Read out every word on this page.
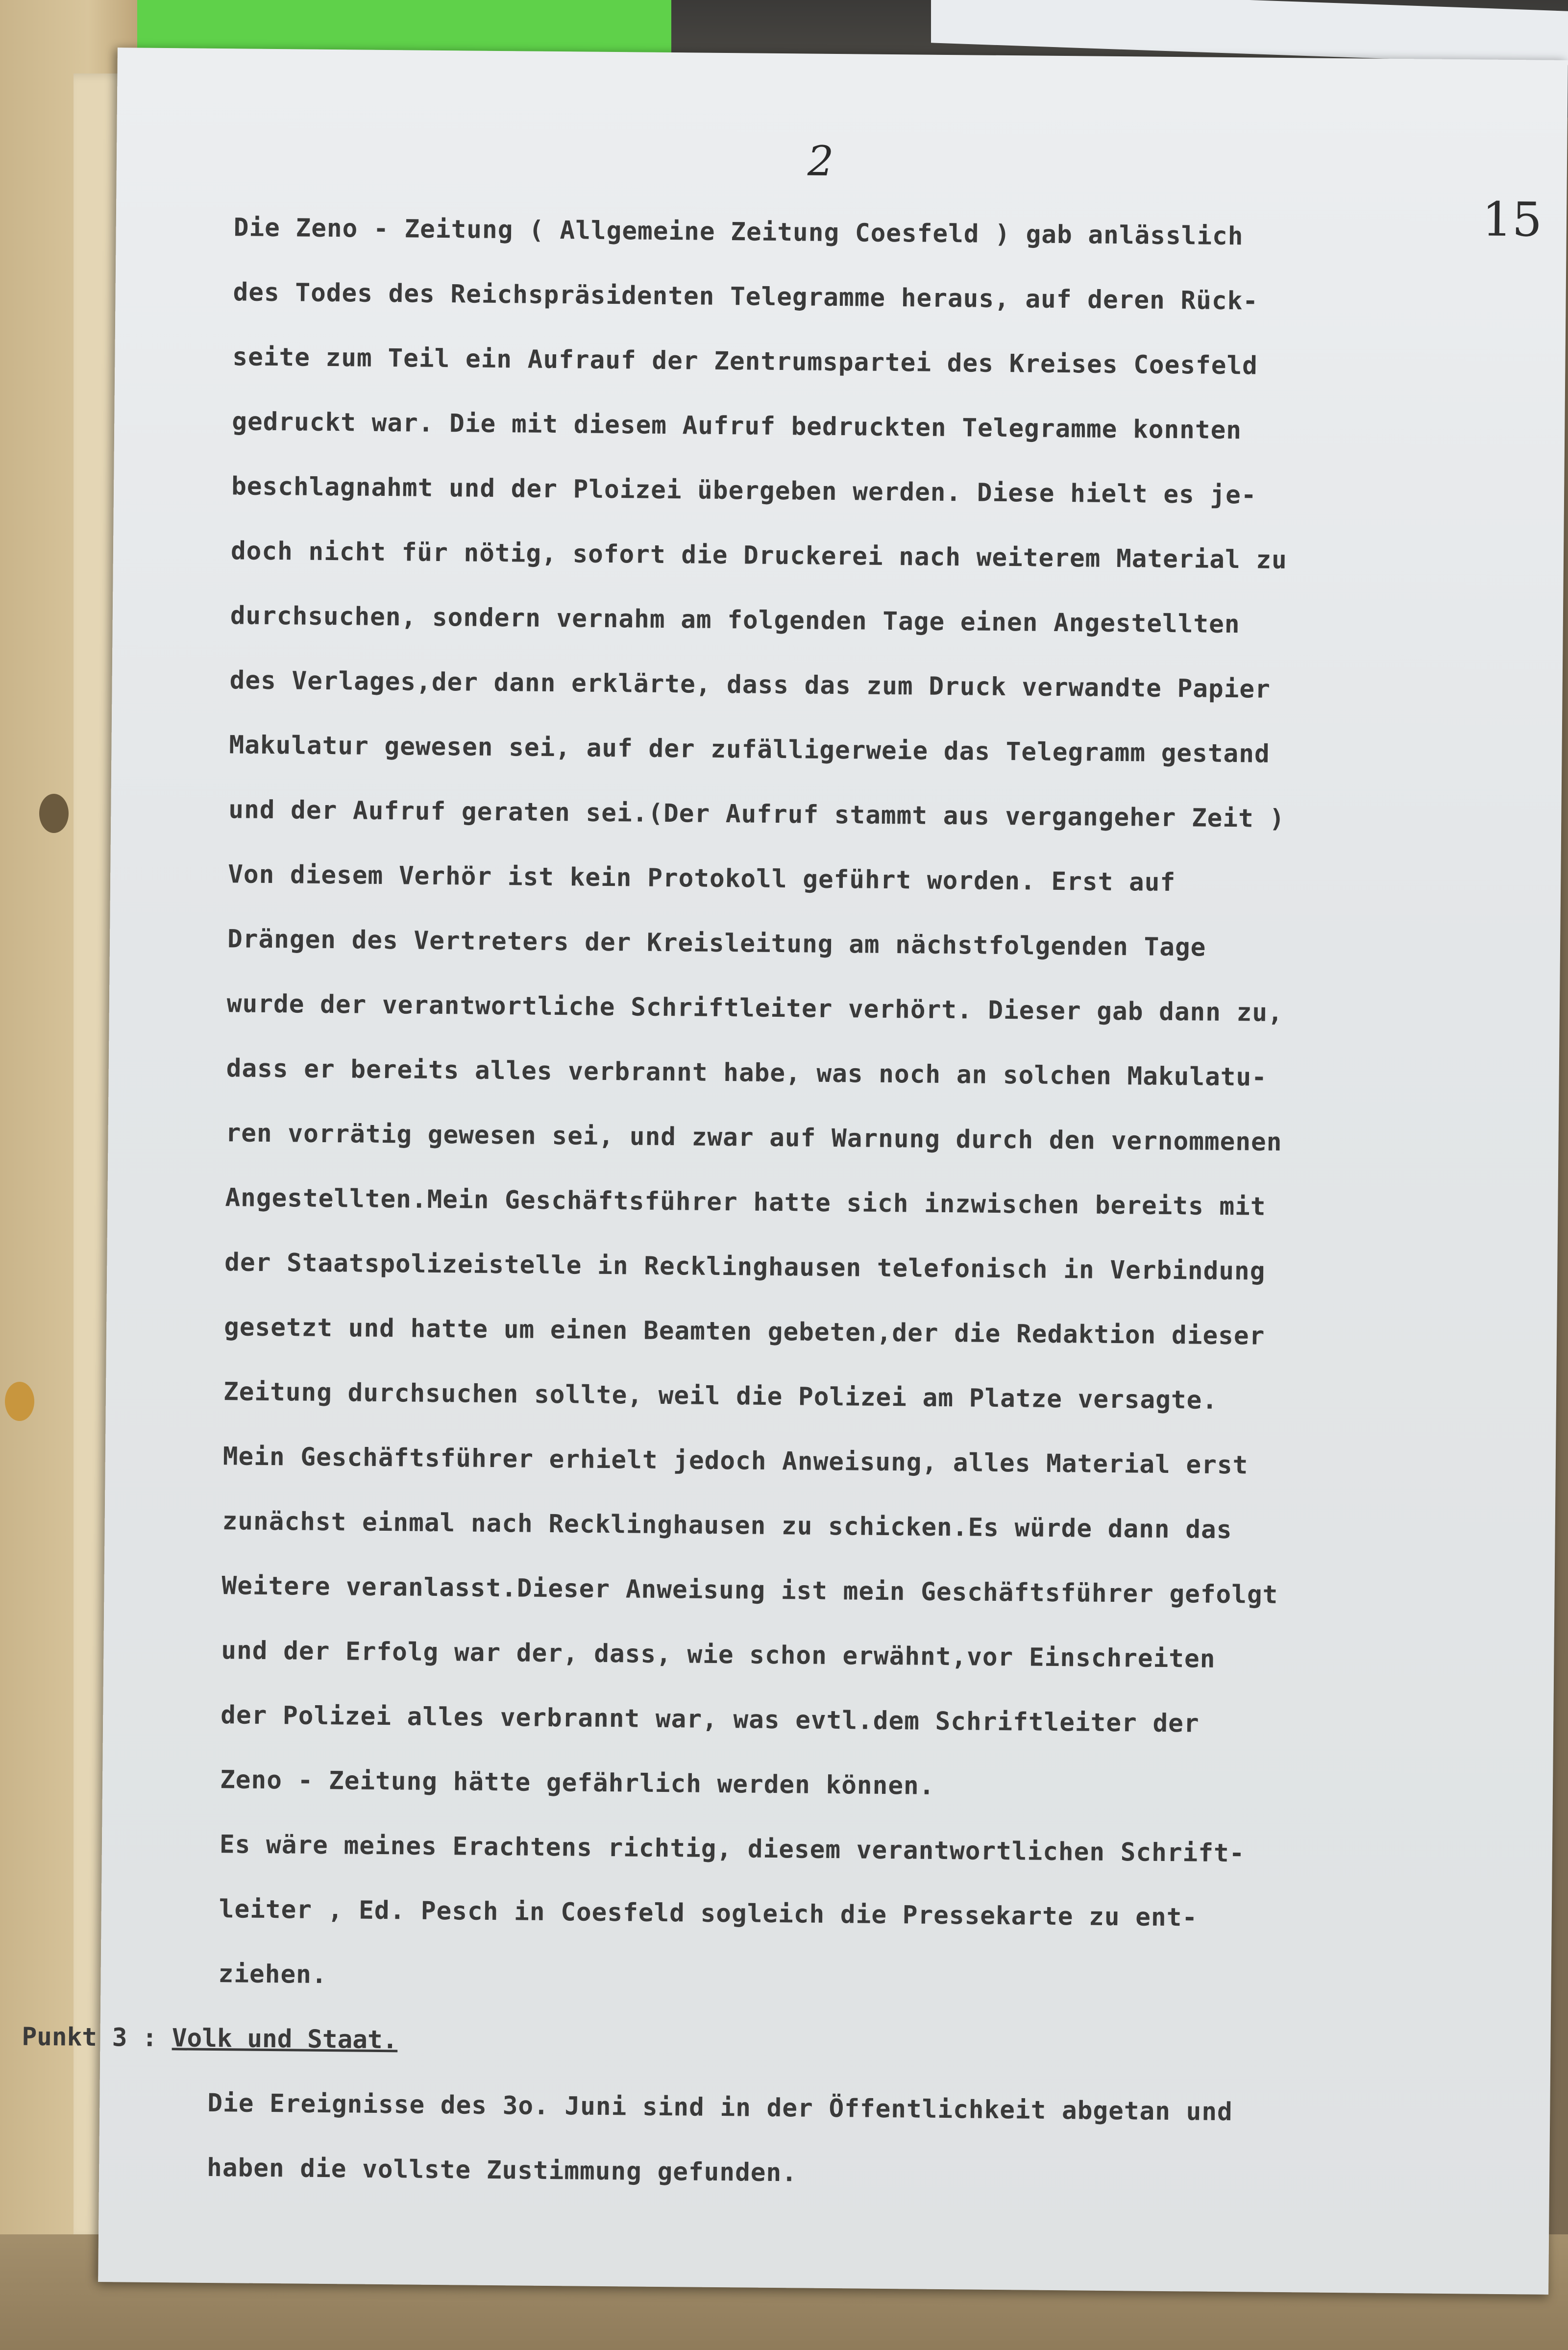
2
15
Die Zeno - Zeitung ( Allgemeine Zeitung Coesfeld ) gab anlässlich
des Todes des Reichspräsidenten Telegramme heraus, auf deren Rück-
seite zum Teil ein Aufrauf der Zentrumspartei des Kreises Coesfeld
gedruckt war. Die mit diesem Aufruf bedruckten Telegramme konnten
beschlagnahmt und der Ploizei übergeben werden. Diese hielt es je-
doch nicht für nötig, sofort die Druckerei nach weiterem Material zu
durchsuchen, sondern vernahm am folgenden Tage einen Angestellten
des Verlages,der dann erklärte, dass das zum Druck verwandte Papier
Makulatur gewesen sei, auf der zufälligerweie das Telegramm gestand
und der Aufruf geraten sei.(Der Aufruf stammt aus vergangeher Zeit )
Von diesem Verhör ist kein Protokoll geführt worden. Erst auf
Drängen des Vertreters der Kreisleitung am nächstfolgenden Tage
wurde der verantwortliche Schriftleiter verhört. Dieser gab dann zu,
dass er bereits alles verbrannt habe, was noch an solchen Makulatu-
ren vorrätig gewesen sei, und zwar auf Warnung durch den vernommenen
Angestellten.Mein Geschäftsführer hatte sich inzwischen bereits mit
der Staatspolizeistelle in Recklinghausen telefonisch in Verbindung
gesetzt und hatte um einen Beamten gebeten,der die Redaktion dieser
Zeitung durchsuchen sollte, weil die Polizei am Platze versagte.
Mein Geschäftsführer erhielt jedoch Anweisung, alles Material erst
zunächst einmal nach Recklinghausen zu schicken.Es würde dann das
Weitere veranlasst.Dieser Anweisung ist mein Geschäftsführer gefolgt
und der Erfolg war der, dass, wie schon erwähnt,vor Einschreiten
der Polizei alles verbrannt war, was evtl.dem Schriftleiter der
Zeno - Zeitung hätte gefährlich werden können.
Es wäre meines Erachtens richtig, diesem verantwortlichen Schrift-
leiter , Ed. Pesch in Coesfeld sogleich die Pressekarte zu ent-
ziehen.
Punkt 3 : Volk und Staat.
Die Ereignisse des 3o. Juni sind in der Öffentlichkeit abgetan und
haben die vollste Zustimmung gefunden.
